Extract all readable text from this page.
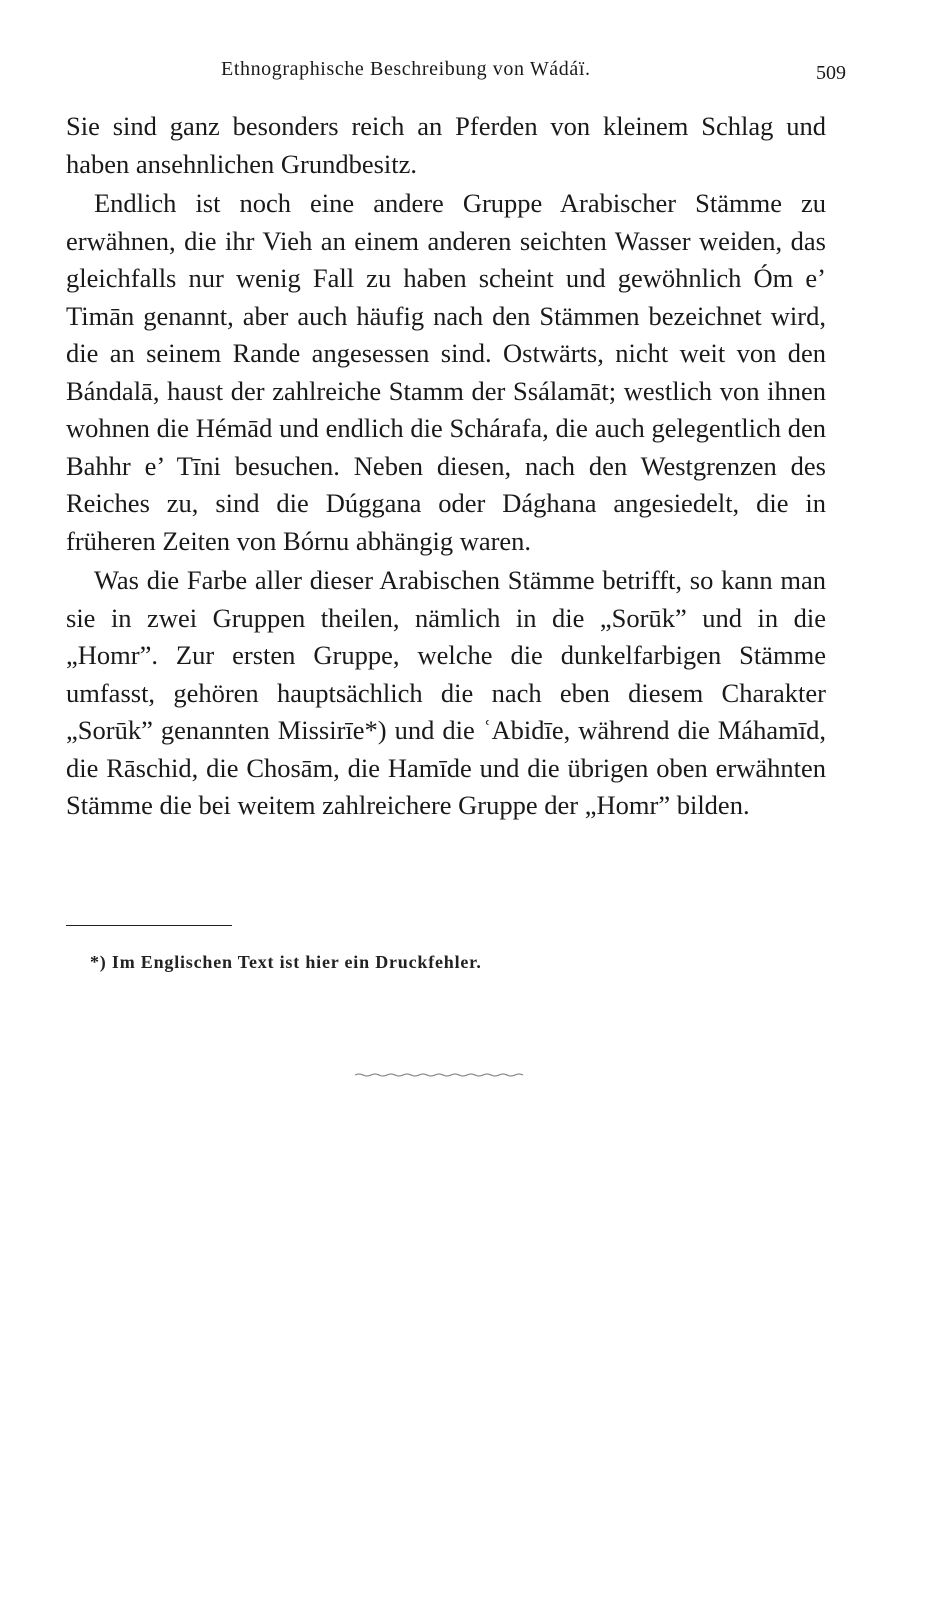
Ethnographische Beschreibung von Wádáï.	509

Sie sind ganz besonders reich an Pferden von kleinem Schlag und haben ansehnlichen Grundbesitz.

Endlich ist noch eine andere Gruppe Arabischer Stämme zu erwähnen, die ihr Vieh an einem anderen seichten Wasser weiden, das gleichfalls nur wenig Fall zu haben scheint und gewöhnlich Óm e’ Timān genannt, aber auch häufig nach den Stämmen bezeichnet wird, die an seinem Rande angesessen sind. Ostwärts, nicht weit von den Bándalā, haust der zahlreiche Stamm der Ssálamāt; westlich von ihnen wohnen die Hémād und endlich die Schárafa, die auch gelegentlich den Bahhr e’ Tīni besuchen. Neben diesen, nach den Westgrenzen des Reiches zu, sind die Dúggana oder Dághana angesiedelt, die in früheren Zeiten von Bórnu abhängig waren.

Was die Farbe aller dieser Arabischen Stämme betrifft, so kann man sie in zwei Gruppen theilen, nämlich in die „Sorūk” und in die „Homr”. Zur ersten Gruppe, welche die dunkelfarbigen Stämme umfasst, gehören hauptsächlich die nach eben diesem Charakter „Sorūk” genannten Missirīe*) und die ʿAbidīe, während die Máhamīd, die Rāschid, die Chosām, die Hamīde und die übrigen oben erwähnten Stämme die bei weitem zahlreichere Gruppe der „Homr” bilden.

*) Im Englischen Text ist hier ein Druckfehler.
